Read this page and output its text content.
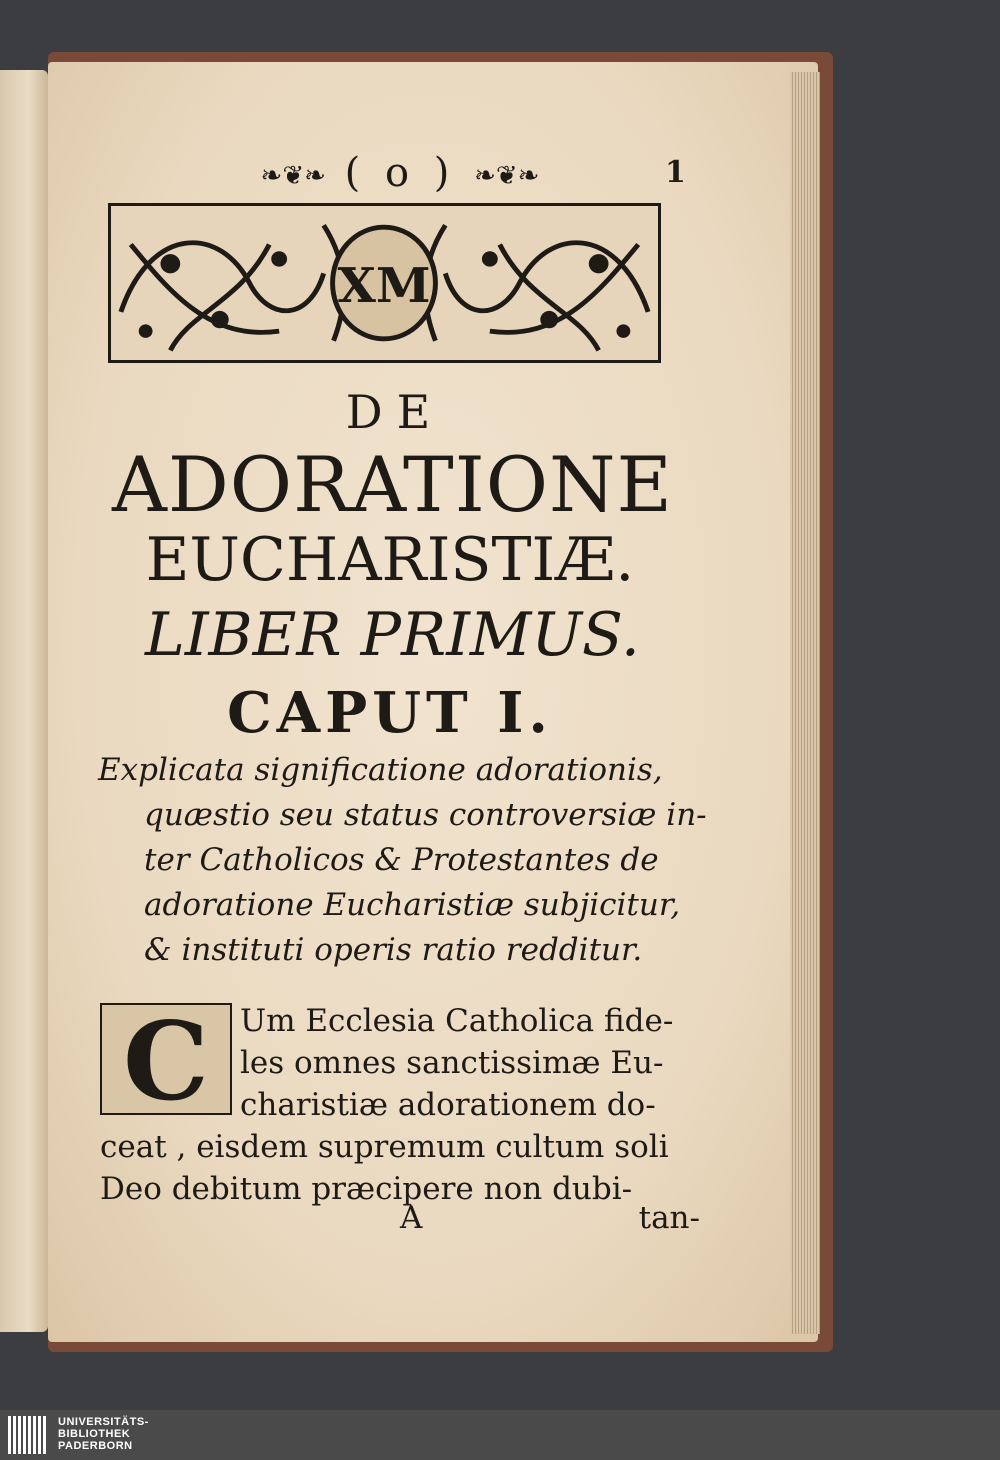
❧❦❧ ( o ) ❧❦❧	1
XM
DE
ADORATIONE
EUCHARISTIÆ.
LIBER PRIMUS.
CAPUT I.
Explicata significatione adorationis,
quæstio seu status controversiæ in-
ter Catholicos & Protestantes de
adoratione Eucharistiæ subjicitur,
& instituti operis ratio redditur.
C	Um Ecclesia Catholica fide-
les omnes sanctissimæ Eu-
charistiæ adorationem do-
ceat , eisdem supremum cultum soli
Deo debitum præcipere non dubi-
A	tan-
UNIVERSITÄTS-
BIBLIOTHEK
PADERBORN
